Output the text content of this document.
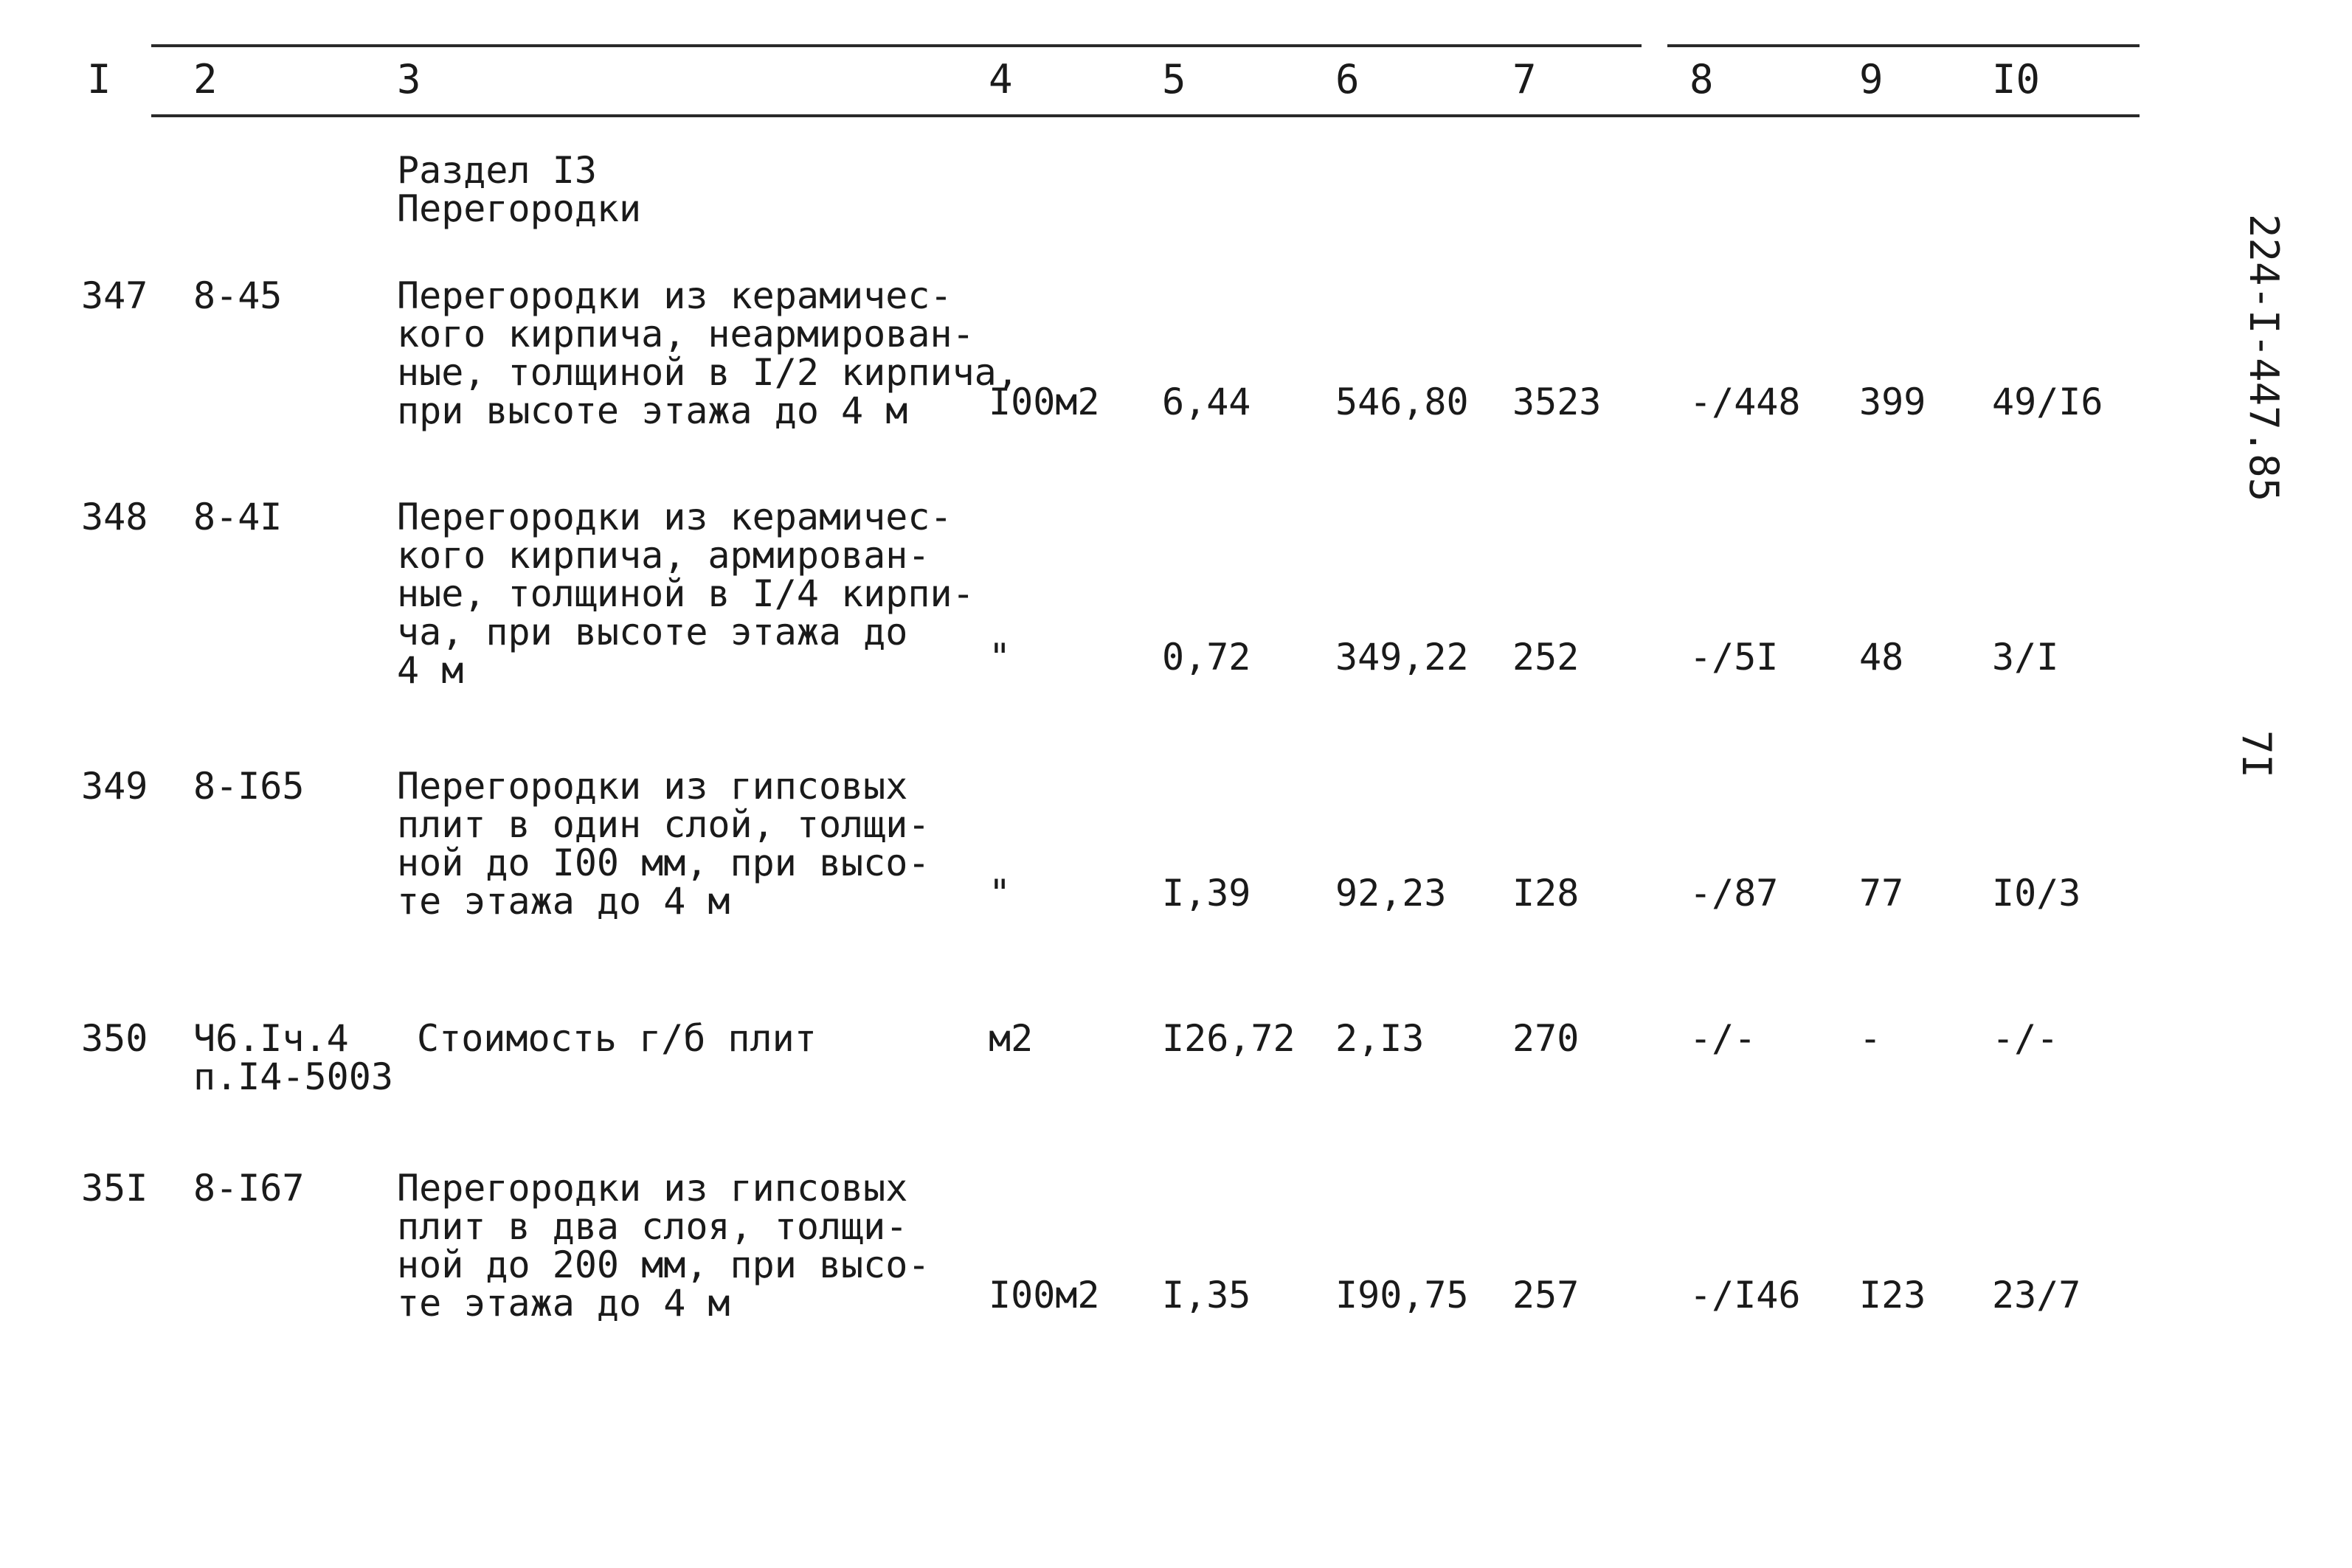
I 2	3	4	5	6	7	8	9	I0
Раздел I3
Перегородки
347 8-45	Перегородки из керамичес-
кого кирпича, неармирован-
ные, толщиной в I/2 кирпича,
при высоте этажа до 4 м	I00м2 6,44 546,80 3523 -/448 399 49/I6
348 8-4I	Перегородки из керамичес-
кого кирпича, армирован-
ные, толщиной в I/4 кирпи-
ча, при высоте этажа до
4 м	"	0,72 349,22 252	-/5I 48 3/I
349 8-I65	Перегородки из гипсовых
плит в один слой, толщи-
ной до I00 мм, при высо-
те этажа до 4 м	"	I,39 92,23 I28	-/87 77 I0/3
350 Ч6.Iч.4
п.I4-5003
Стоимость г/б плит	м2	I26,72 2,I3 270	-/-	-	-/-
35I 8-I67	Перегородки из гипсовых
плит в два слоя, толщи-
ной до 200 мм, при высо-
те этажа до 4 м	I00м2 I,35 I90,75 257	-/I46 I23 23/7
224-I-447.85
7I
